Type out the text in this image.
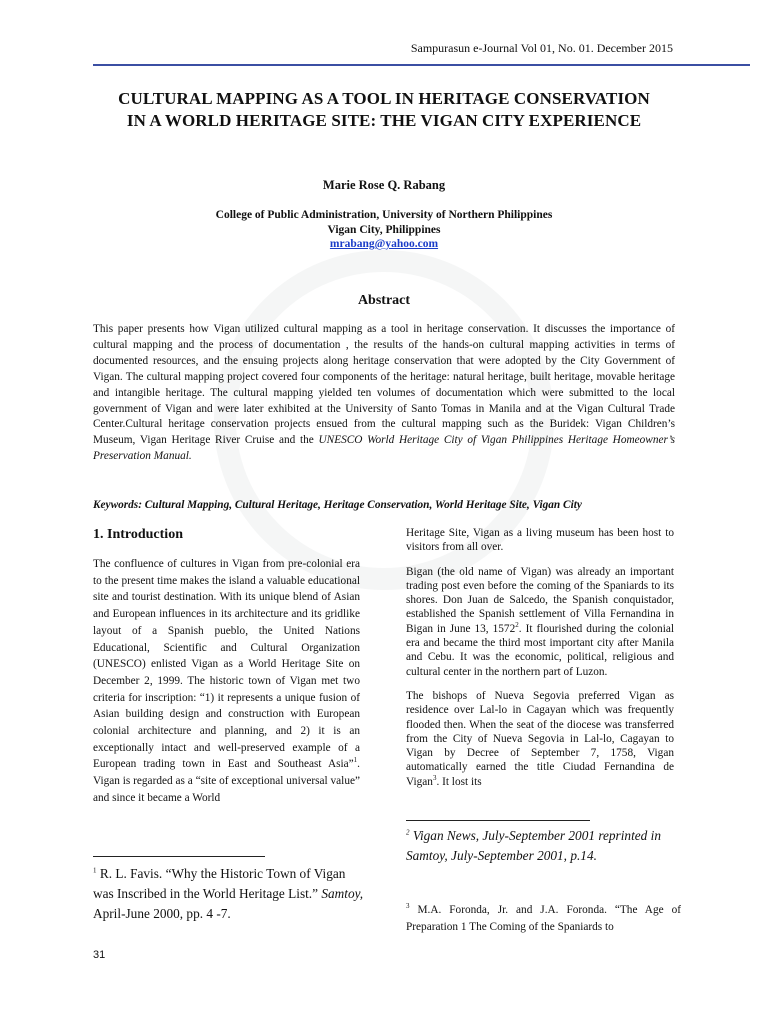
Sampurasun e-Journal Vol 01, No. 01. December 2015
CULTURAL MAPPING AS A TOOL IN HERITAGE CONSERVATION
IN A WORLD HERITAGE SITE: THE VIGAN CITY EXPERIENCE
Marie Rose Q. Rabang
College of Public Administration, University of Northern Philippines
Vigan City, Philippines
mrabang@yahoo.com
Abstract
This paper presents how Vigan utilized cultural mapping as a tool in heritage conservation. It discusses the importance of cultural mapping and the process of documentation , the results of the hands-on cultural mapping activities in terms of documented resources, and the ensuing projects along heritage conservation that were adopted by the City Government of Vigan. The cultural mapping project covered four components of the heritage: natural heritage, built heritage, movable heritage and intangible heritage. The cultural mapping yielded ten volumes of documentation which were submitted to the local government of Vigan and were later exhibited at the University of Santo Tomas in Manila and at the Vigan Cultural Trade Center.Cultural heritage conservation projects ensued from the cultural mapping such as the Buridek: Vigan Children’s Museum, Vigan Heritage River Cruise and the UNESCO World Heritage City of Vigan Philippines Heritage Homeowner’s Preservation Manual.
Keywords: Cultural Mapping, Cultural Heritage, Heritage Conservation, World Heritage Site, Vigan City
1. Introduction

The confluence of cultures in Vigan from pre-colonial era to the present time makes the island a valuable educational site and tourist destination. With its unique blend of Asian and European influences in its architecture and its gridlike layout of a Spanish pueblo, the United Nations Educational, Scientific and Cultural Organization (UNESCO) enlisted Vigan as a World Heritage Site on December 2, 1999. The historic town of Vigan met two criteria for inscription: “1) it represents a unique fusion of Asian building design and construction with European colonial architecture and planning, and 2) it is an exceptionally intact and well-preserved example of a European trading town in East and Southeast Asia”$^1$. Vigan is regarded as a “site of exceptional universal value” and since it became a World

Heritage Site, Vigan as a living museum has been host to visitors from all over.

Bigan (the old name of Vigan) was already an important trading post even before the coming of the Spaniards to its shores. Don Juan de Salcedo, the Spanish conquistador, established the Spanish settlement of Villa Fernandina in Bigan in June 13, 1572$^2$. It flourished during the colonial era and became the third most important city after Manila and Cebu. It was the economic, political, religious and cultural center in the northern part of Luzon.

The bishops of Nueva Segovia preferred Vigan as residence over Lal-lo in Cagayan which was frequently flooded then. When the seat of the diocese was transferred from the City of Nueva Segovia in Lal-lo, Cagayan to Vigan by Decree of September 7, 1758, Vigan automatically earned the title Ciudad Fernandina de Vigan$^3$. It lost its

$^1$ R. L. Favis. “Why the Historic Town of Vigan was Inscribed in the World Heritage List.” Samtoy, April-June 2000, pp. 4 -7.
$^2$ Vigan News, July-September 2001 reprinted in Samtoy, July-September 2001, p.14.
$^3$ M.A. Foronda, Jr. and J.A. Foronda. “The Age of Preparation 1 The Coming of the Spaniards to
31
